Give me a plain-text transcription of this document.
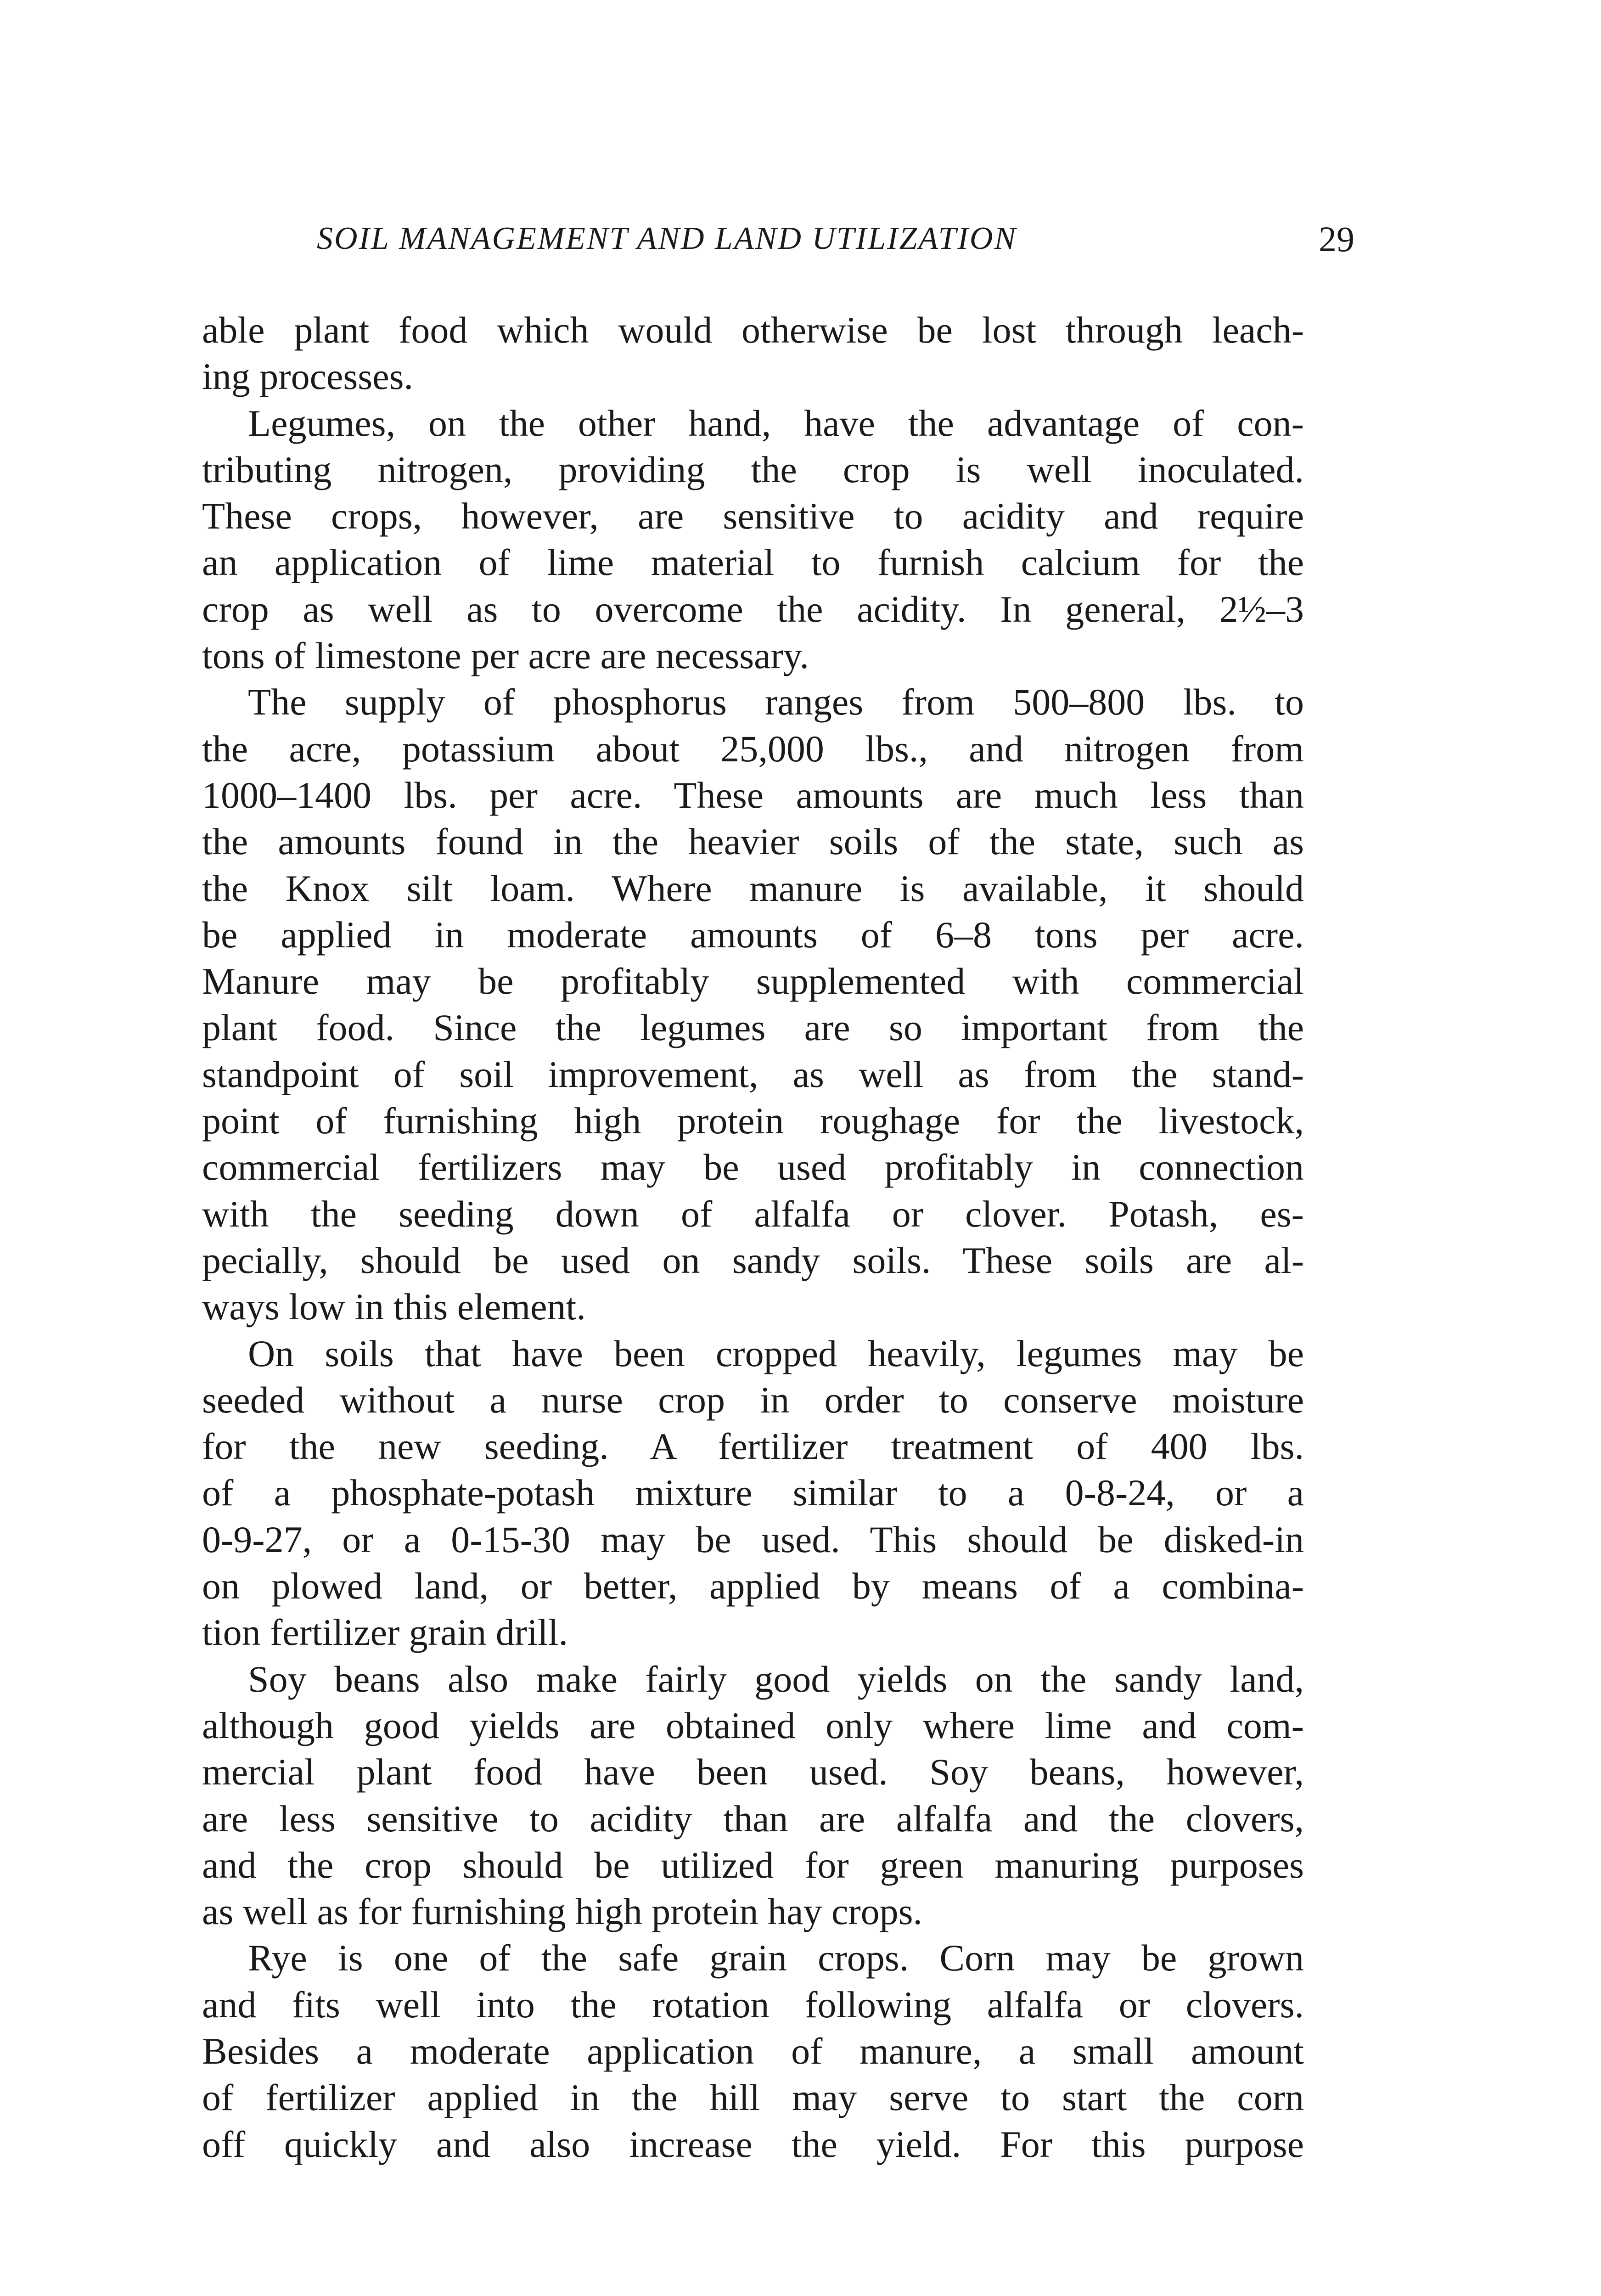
SOIL MANAGEMENT AND LAND UTILIZATION	29
able plant food which would otherwise be lost through leach-
ing processes.
Legumes, on the other hand, have the advantage of con-
tributing nitrogen, providing the crop is well inoculated.
These crops, however, are sensitive to acidity and require
an application of lime material to furnish calcium for the
crop as well as to overcome the acidity. In general, 2½–3
tons of limestone per acre are necessary.
The supply of phosphorus ranges from 500–800 lbs. to
the acre, potassium about 25,000 lbs., and nitrogen from
1000–1400 lbs. per acre. These amounts are much less than
the amounts found in the heavier soils of the state, such as
the Knox silt loam. Where manure is available, it should
be applied in moderate amounts of 6–8 tons per acre.
Manure may be profitably supplemented with commercial
plant food. Since the legumes are so important from the
standpoint of soil improvement, as well as from the stand-
point of furnishing high protein roughage for the livestock,
commercial fertilizers may be used profitably in connection
with the seeding down of alfalfa or clover. Potash, es-
pecially, should be used on sandy soils. These soils are al-
ways low in this element.
On soils that have been cropped heavily, legumes may be
seeded without a nurse crop in order to conserve moisture
for the new seeding. A fertilizer treatment of 400 lbs.
of a phosphate-potash mixture similar to a 0-8-24, or a
0-9-27, or a 0-15-30 may be used. This should be disked-in
on plowed land, or better, applied by means of a combina-
tion fertilizer grain drill.
Soy beans also make fairly good yields on the sandy land,
although good yields are obtained only where lime and com-
mercial plant food have been used. Soy beans, however,
are less sensitive to acidity than are alfalfa and the clovers,
and the crop should be utilized for green manuring purposes
as well as for furnishing high protein hay crops.
Rye is one of the safe grain crops. Corn may be grown
and fits well into the rotation following alfalfa or clovers.
Besides a moderate application of manure, a small amount
of fertilizer applied in the hill may serve to start the corn
off quickly and also increase the yield. For this purpose
